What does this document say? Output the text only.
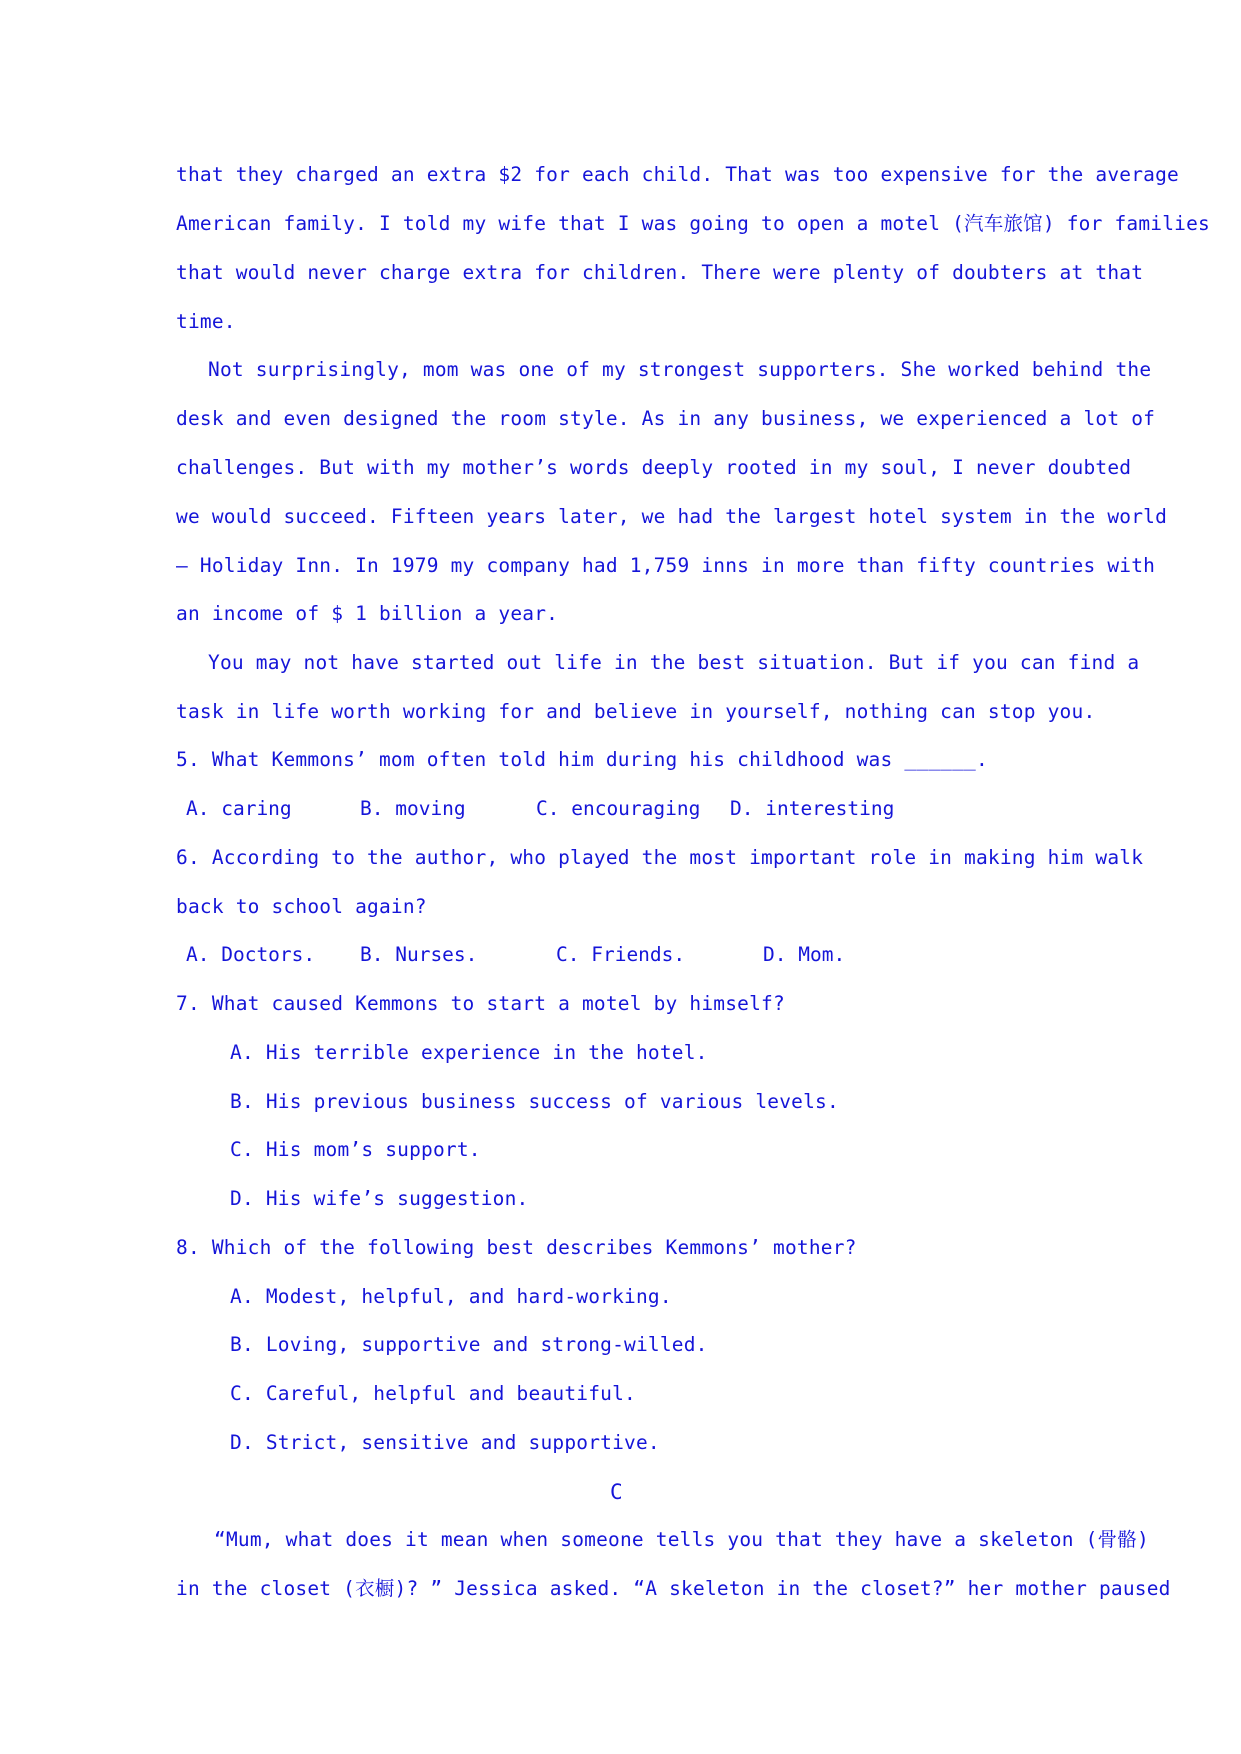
that they charged an extra $2 for each child. That was too expensive for the average
American family. I told my wife that I was going to open a motel (汽车旅馆) for families
that would never charge extra for children. There were plenty of doubters at that
time.
Not surprisingly, mom was one of my strongest supporters. She worked behind the
desk and even designed the room style. As in any business, we experienced a lot of
challenges. But with my mother’s words deeply rooted in my soul, I never doubted
we would succeed. Fifteen years later, we had the largest hotel system in the world
— Holiday Inn. In 1979 my company had 1,759 inns in more than fifty countries with
an income of $ 1 billion a year.
You may not have started out life in the best situation. But if you can find a
task in life worth working for and believe in yourself, nothing can stop you.
5. What Kemmons’ mom often told him during his childhood was ______.

A. caring

	B. moving

	C. encouraging

D. interesting

6. According to the author, who played the most important role in making him walk
back to school again?

A. Doctors.

B. Nurses.

	C. Friends.

	D. Mom.

7. What caused Kemmons to start a motel by himself?
A. His terrible experience in the hotel.
B. His previous business success of various levels.
C. His mom’s support.
D. His wife’s suggestion.
8. Which of the following best describes Kemmons’ mother?
A. Modest, helpful, and hard-working.
B. Loving, supportive and strong-willed.
C. Careful, helpful and beautiful.
D. Strict, sensitive and supportive.
C
“Mum, what does it mean when someone tells you that they have a skeleton (骨骼)
in the closet (衣橱)? ” Jessica asked. “A skeleton in the closet?” her mother paused
